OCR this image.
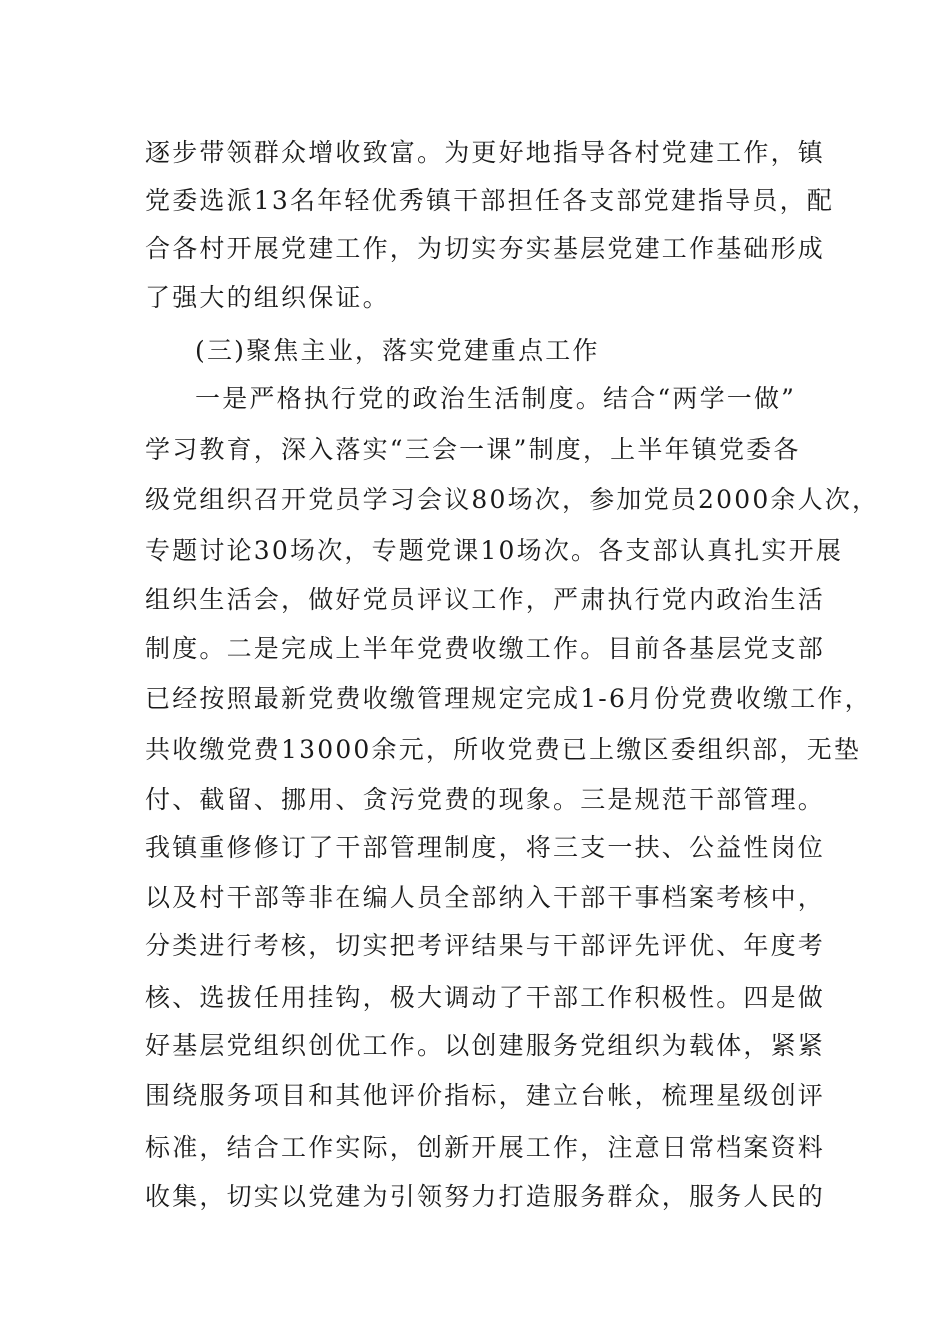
逐步带领群众增收致富。为更好地指导各村党建工作，镇

党委选派13名年轻优秀镇干部担任各支部党建指导员，配

合各村开展党建工作，为切实夯实基层党建工作基础形成

了强大的组织保证。

(三)聚焦主业，落实党建重点工作

一是严格执行党的政治生活制度。结合“两学一做”

学习教育，深入落实“三会一课”制度，上半年镇党委各

级党组织召开党员学习会议80场次，参加党员2000余人次，

专题讨论30场次，专题党课10场次。各支部认真扎实开展

组织生活会，做好党员评议工作，严肃执行党内政治生活

制度。二是完成上半年党费收缴工作。目前各基层党支部

已经按照最新党费收缴管理规定完成1-6月份党费收缴工作，

共收缴党费13000余元，所收党费已上缴区委组织部，无垫

付、截留、挪用、贪污党费的现象。三是规范干部管理。

我镇重修修订了干部管理制度，将三支一扶、公益性岗位

以及村干部等非在编人员全部纳入干部干事档案考核中，

分类进行考核，切实把考评结果与干部评先评优、年度考

核、选拔任用挂钩，极大调动了干部工作积极性。四是做

好基层党组织创优工作。以创建服务党组织为载体，紧紧

围绕服务项目和其他评价指标，建立台帐，梳理星级创评

标准，结合工作实际，创新开展工作，注意日常档案资料

收集，切实以党建为引领努力打造服务群众，服务人民的
